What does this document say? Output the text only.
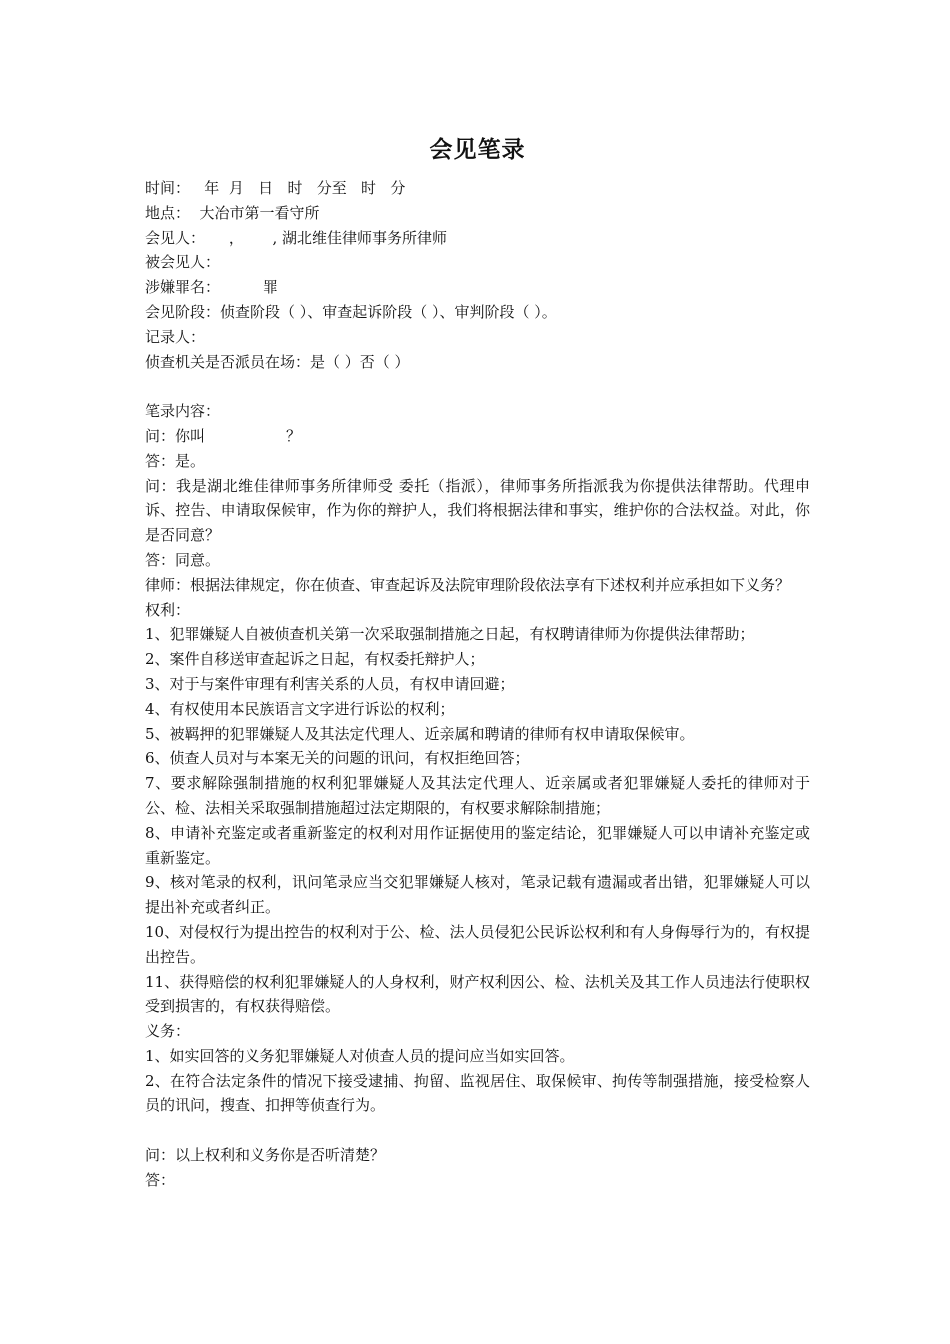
会见笔录
时间：   年  月   日   时   分至   时   分
地点：  大冶市第一看守所
会见人：     ，      , 湖北维佳律师事务所律师
被会见人：
涉嫌罪名：         罪
会见阶段：侦查阶段（ ）、审查起诉阶段（ ）、审判阶段（ ）。
记录人：
侦查机关是否派员在场：是（ ）否（ ）
笔录内容：
问：你叫                 ？
答：是。
问：我是湖北维佳律师事务所律师受 委托（指派），律师事务所指派我为你提供法律帮助。代理申诉、控告、申请取保候审，作为你的辩护人，我们将根据法律和事实，维护你的合法权益。对此，你是否同意？
答：同意。
律师：根据法律规定，你在侦查、审查起诉及法院审理阶段依法享有下述权利并应承担如下义务？
权利：
1、犯罪嫌疑人自被侦查机关第一次采取强制措施之日起，有权聘请律师为你提供法律帮助；
2、案件自移送审查起诉之日起，有权委托辩护人；
3、对于与案件审理有利害关系的人员，有权申请回避；
4、有权使用本民族语言文字进行诉讼的权利；
5、被羁押的犯罪嫌疑人及其法定代理人、近亲属和聘请的律师有权申请取保候审。
6、侦查人员对与本案无关的问题的讯问，有权拒绝回答；
7、要求解除强制措施的权利犯罪嫌疑人及其法定代理人、近亲属或者犯罪嫌疑人委托的律师对于公、检、法相关采取强制措施超过法定期限的，有权要求解除制措施；
8、申请补充鉴定或者重新鉴定的权利对用作证据使用的鉴定结论，犯罪嫌疑人可以申请补充鉴定或重新鉴定。
9、核对笔录的权利，讯问笔录应当交犯罪嫌疑人核对，笔录记载有遗漏或者出错，犯罪嫌疑人可以提出补充或者纠正。
10、对侵权行为提出控告的权利对于公、检、法人员侵犯公民诉讼权利和有人身侮辱行为的，有权提出控告。
11、获得赔偿的权利犯罪嫌疑人的人身权利，财产权利因公、检、法机关及其工作人员违法行使职权受到损害的，有权获得赔偿。
义务：
1、如实回答的义务犯罪嫌疑人对侦查人员的提问应当如实回答。
2、在符合法定条件的情况下接受逮捕、拘留、监视居住、取保候审、拘传等制强措施，接受检察人员的讯问，搜查、扣押等侦查行为。
问：以上权利和义务你是否听清楚？
答：
